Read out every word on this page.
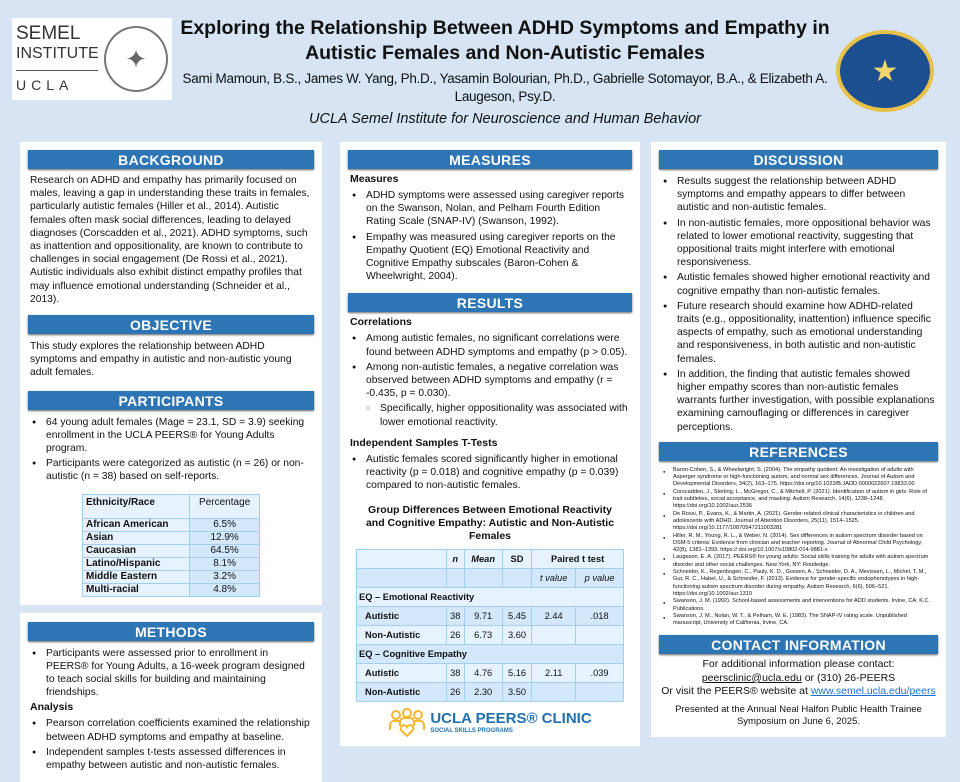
SEMEL
INSTITUTE
UCLA
✦
Exploring the Relationship Between ADHD Symptoms and Empathy in Autistic Females and Non-Autistic Females
Sami Mamoun, B.S., James W. Yang, Ph.D., Yasamin Bolourian, Ph.D., Gabrielle Sotomayor, B.A., & Elizabeth A. Laugeson, Psy.D.
UCLA Semel Institute for Neuroscience and Human Behavior
★
BACKGROUND
Research on ADHD and empathy has primarily focused on males, leaving a gap in understanding these traits in females, particularly autistic females (Hiller et al., 2014). Autistic females often mask social differences, leading to delayed diagnoses (Corscadden et al., 2021). ADHD symptoms, such as inattention and oppositionality, are known to contribute to challenges in social engagement (De Rossi et al., 2021). Autistic individuals also exhibit distinct empathy profiles that may influence emotional understanding (Schneider et al., 2013).
OBJECTIVE
This study explores the relationship between ADHD symptoms and empathy in autistic and non-autistic young adult females.
PARTICIPANTS
● 64 young adult females (Mage = 23.1, SD = 3.9) seeking enrollment in the UCLA PEERS® for Young Adults program.
● Participants were categorized as autistic (n = 26) or non-autistic (n = 38) based on self-reports.
Ethnicity/Race	Percentage
African American	6.5%
Asian	12.9%
Caucasian	64.5%
Latino/Hispanic	8.1%
Middle Eastern	3.2%
Multi-racial	4.8%
METHODS
● Participants were assessed prior to enrollment in PEERS® for Young Adults, a 16-week program designed to teach social skills for building and maintaining friendships.
Analysis
● Pearson correlation coefficients examined the relationship between ADHD symptoms and empathy at baseline.
● Independent samples t-tests assessed differences in empathy between autistic and non-autistic females.
MEASURES
Measures
● ADHD symptoms were assessed using caregiver reports on the Swanson, Nolan, and Pelham Fourth Edition Rating Scale (SNAP-IV) (Swanson, 1992).
● Empathy was measured using caregiver reports on the Empathy Quotient (EQ) Emotional Reactivity and Cognitive Empathy subscales (Baron-Cohen & Wheelwright, 2004).
RESULTS
Correlations
● Among autistic females, no significant correlations were found between ADHD symptoms and empathy (p > 0.05).
● Among non-autistic females, a negative correlation was observed between ADHD symptoms and empathy (r = -0.435, p = 0.030).
○ Specifically, higher oppositionality was associated with lower emotional reactivity.
Independent Samples T-Tests
● Autistic females scored significantly higher in emotional reactivity (p = 0.018) and cognitive empathy (p = 0.039) compared to non-autistic females.
Group Differences Between Emotional Reactivity and Cognitive Empathy: Autistic and Non-Autistic Females
	n	Mean	SD	Paired t test	
				t value	p value
EQ – Emotional Reactivity					
Autistic	38	9.71	5.45	2.44	.018
Non-Autistic	26	6.73	3.60		
EQ – Cognitive Empathy					
Autistic	38	4.76	5.16	2.11	.039
Non-Autistic	26	2.30	3.50		
UCLA PEERS® CLINIC
SOCIAL SKILLS PROGRAMS
DISCUSSION
● Results suggest the relationship between ADHD symptoms and empathy appears to differ between autistic and non-autistic females.
● In non-autistic females, more oppositional behavior was related to lower emotional reactivity, suggesting that oppositional traits might interfere with emotional responsiveness.
● Autistic females showed higher emotional reactivity and cognitive empathy than non-autistic females.
● Future research should examine how ADHD-related traits (e.g., oppositionality, inattention) influence specific aspects of empathy, such as emotional understanding and responsiveness, in both autistic and non-autistic females.
● In addition, the finding that autistic females showed higher empathy scores than non-autistic females warrants further investigation, with possible explanations examining camouflaging or differences in caregiver perceptions.
REFERENCES
● Baron-Cohen, S., & Wheelwright, S. (2004). The empathy quotient: An investigation of adults with Asperger syndrome or high-functioning autism, and normal sex differences. Journal of Autism and Developmental Disorders, 34(2), 163–175. https://doi.org/10.1023/B:JADD.0000022607.19833.00
● Corscadden, J., Sterling, L., McGregor, C., & Mitchell, P. (2021). Identification of autism in girls: Role of trait subtleties, social acceptance, and masking. Autism Research, 14(6), 1238–1248. https://doi.org/10.1002/aur.2536
● De Rossi, P., Evans, K., & Martin, A. (2021). Gender-related clinical characteristics in children and adolescents with ADHD. Journal of Attention Disorders, 25(11), 1514–1525. https://doi.org/10.1177/1087054721100328​1
● Hiller, R. M., Young, R. L., & Weber, N. (2014). Sex differences in autism spectrum disorder based on DSM-5 criteria: Evidence from clinician and teacher reporting. Journal of Abnormal Child Psychology, 42(8), 1381–1393. https:// doi.org/10.1007/s10802-014-9881-x
● Laugeson, E. A. (2017). PEERS® for young adults: Social skills training for adults with autism spectrum disorder and other social challenges. New York, NY: Routledge.
● Schneider, K., Regenbogen, C., Pauly, K. D., Gossen, A., Schneider, D. A., Mevissen, L., Michel, T. M., Gur, R. C., Habel, U., & Schneider, F. (2013). Evidence for gender-specific endophenotypes in high-functioning autism spectrum disorder during empathy. Autism Research, 6(6), 506–521. https://doi.org/10.1002/aur.1310
● Swanson, J. M. (1992). School-based assessments and interventions for ADD students. Irvine, CA: K.C. Publications.
● Swanson, J. M., Nolan, W. T., & Pelham, W. E. (1983). The SNAP-IV rating scale. Unpublished manuscript, University of California, Irvine, CA.
CONTACT INFORMATION
For additional information please contact:
peersclinic@ucla.edu or (310) 26-PEERS
Or visit the PEERS® website at www.semel.ucla.edu/peers
Presented at the Annual Neal Halfon Public Health Trainee Symposium on June 6, 2025.
